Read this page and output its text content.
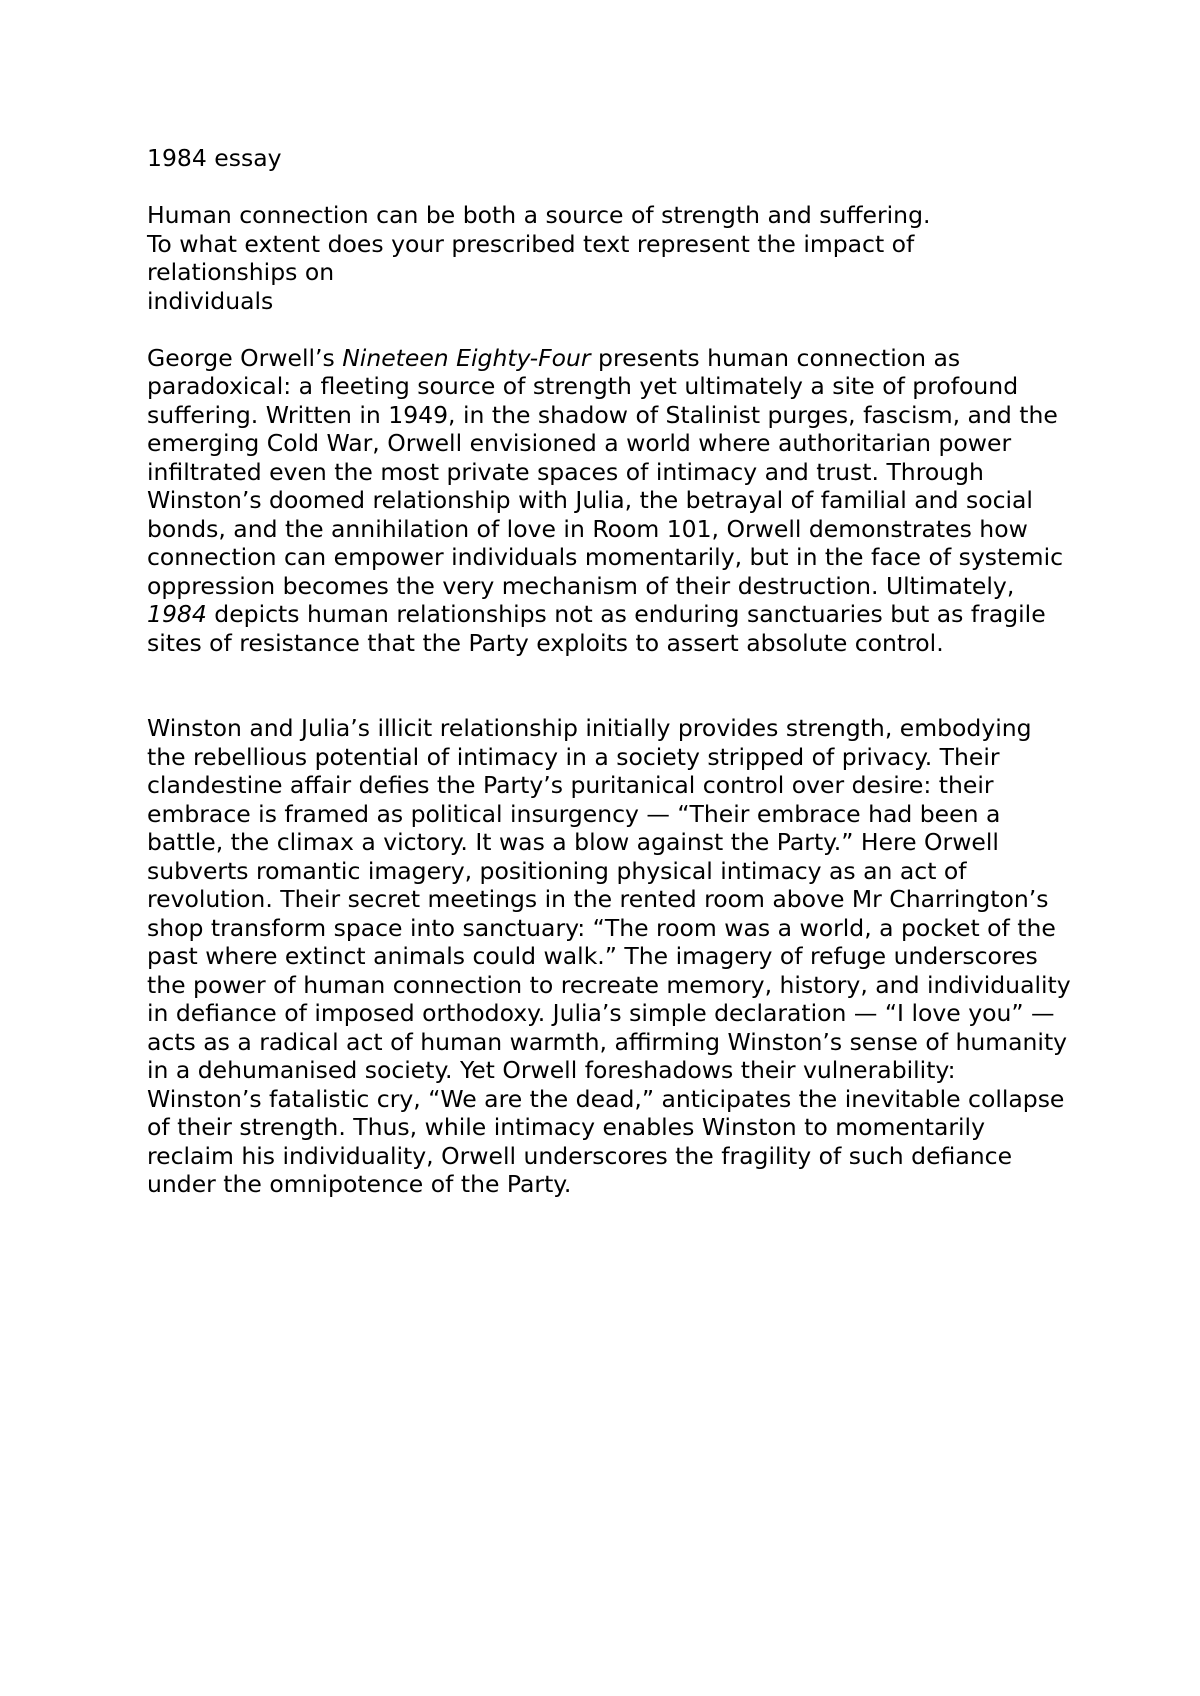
1984 essay
Human connection can be both a source of strength and suffering.
To what extent does your prescribed text represent the impact of
relationships on
individuals

George Orwell’s Nineteen Eighty-Four presents human connection as paradoxical: a fleeting source of strength yet ultimately a site of profound suffering. Written in 1949, in the shadow of Stalinist purges, fascism, and the emerging Cold War, Orwell envisioned a world where authoritarian power infiltrated even the most private spaces of intimacy and trust. Through Winston’s doomed relationship with Julia, the betrayal of familial and social bonds, and the annihilation of love in Room 101, Orwell demonstrates how connection can empower individuals momentarily, but in the face of systemic oppression becomes the very mechanism of their destruction. Ultimately, 1984 depicts human relationships not as enduring sanctuaries but as fragile sites of resistance that the Party exploits to assert absolute control.

Winston and Julia’s illicit relationship initially provides strength, embodying the rebellious potential of intimacy in a society stripped of privacy. Their clandestine affair defies the Party’s puritanical control over desire: their embrace is framed as political insurgency — “Their embrace had been a battle, the climax a victory. It was a blow against the Party.” Here Orwell subverts romantic imagery, positioning physical intimacy as an act of revolution. Their secret meetings in the rented room above Mr Charrington’s shop transform space into sanctuary: “The room was a world, a pocket of the past where extinct animals could walk.” The imagery of refuge underscores the power of human connection to recreate memory, history, and individuality in defiance of imposed orthodoxy. Julia’s simple declaration — “I love you” — acts as a radical act of human warmth, affirming Winston’s sense of humanity in a dehumanised society. Yet Orwell foreshadows their vulnerability: Winston’s fatalistic cry, “We are the dead,” anticipates the inevitable collapse of their strength. Thus, while intimacy enables Winston to momentarily reclaim his individuality, Orwell underscores the fragility of such defiance under the omnipotence of the Party.
